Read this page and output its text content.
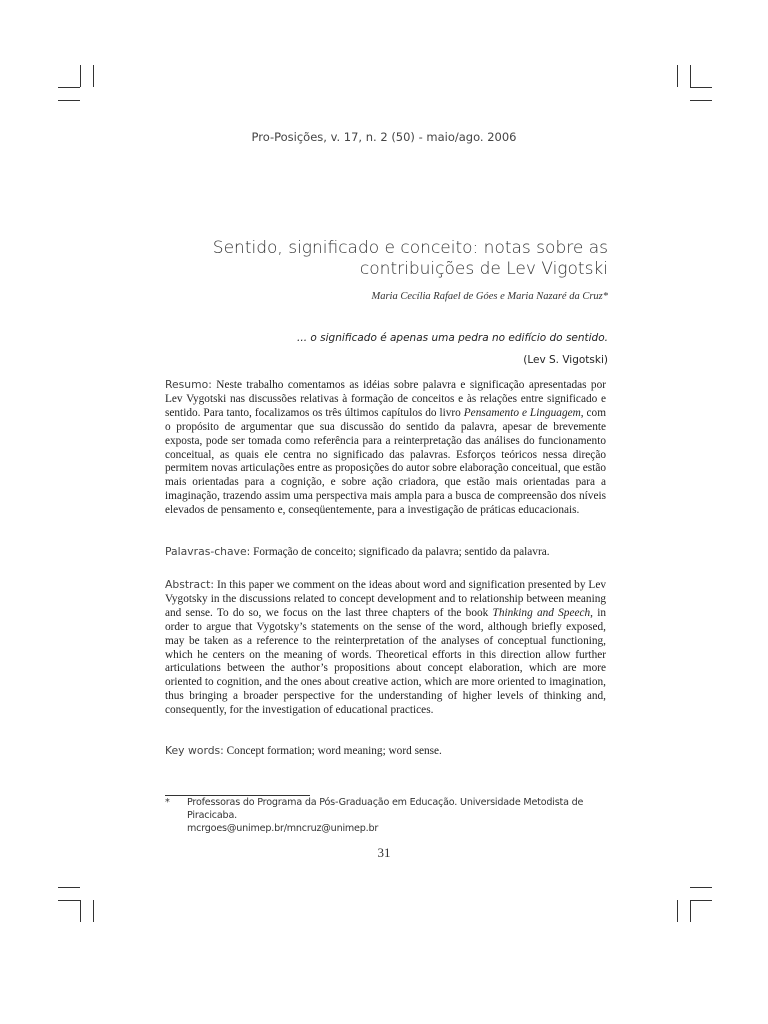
Pro-Posições, v. 17, n. 2 (50) - maio/ago. 2006
Sentido, significado e conceito: notas sobre as
contribuições de Lev Vigotski
Maria Cecília Rafael de Góes e Maria Nazaré da Cruz*
... o significado é apenas uma pedra no edifício do sentido.
(Lev S. Vigotski)
Resumo: Neste trabalho comentamos as idéias sobre palavra e significação apresentadas por Lev Vygotski nas discussões relativas à formação de conceitos e às relações entre significado e sentido. Para tanto, focalizamos os três últimos capítulos do livro Pensamento e Linguagem, com o propósito de argumentar que sua discussão do sentido da palavra, apesar de brevemente exposta, pode ser tomada como referência para a reinterpretação das análises do funcionamento conceitual, as quais ele centra no significado das palavras. Esforços teóricos nessa direção permitem novas articulações entre as proposições do autor sobre elaboração conceitual, que estão mais orientadas para a cognição, e sobre ação criadora, que estão mais orientadas para a imaginação, trazendo assim uma perspectiva mais ampla para a busca de compreensão dos níveis elevados de pensamento e, conseqüentemente, para a investigação de práticas educacionais.
Palavras-chave: Formação de conceito; significado da palavra; sentido da palavra.
Abstract: In this paper we comment on the ideas about word and signification presented by Lev Vygotsky in the discussions related to concept development and to relationship between meaning and sense. To do so, we focus on the last three chapters of the book Thinking and Speech, in order to argue that Vygotsky’s statements on the sense of the word, although briefly exposed, may be taken as a reference to the reinterpretation of the analyses of conceptual functioning, which he centers on the meaning of words. Theoretical efforts in this direction allow further articulations between the author’s propositions about concept elaboration, which are more oriented to cognition, and the ones about creative action, which are more oriented to imagination, thus bringing a broader perspective for the understanding of higher levels of thinking and, consequently, for the investigation of educational practices.
Key words: Concept formation; word meaning; word sense.
* Professoras do Programa da Pós-Graduação em Educação. Universidade Metodista de Piracicaba.
mcrgoes@unimep.br/mncruz@unimep.br
31
